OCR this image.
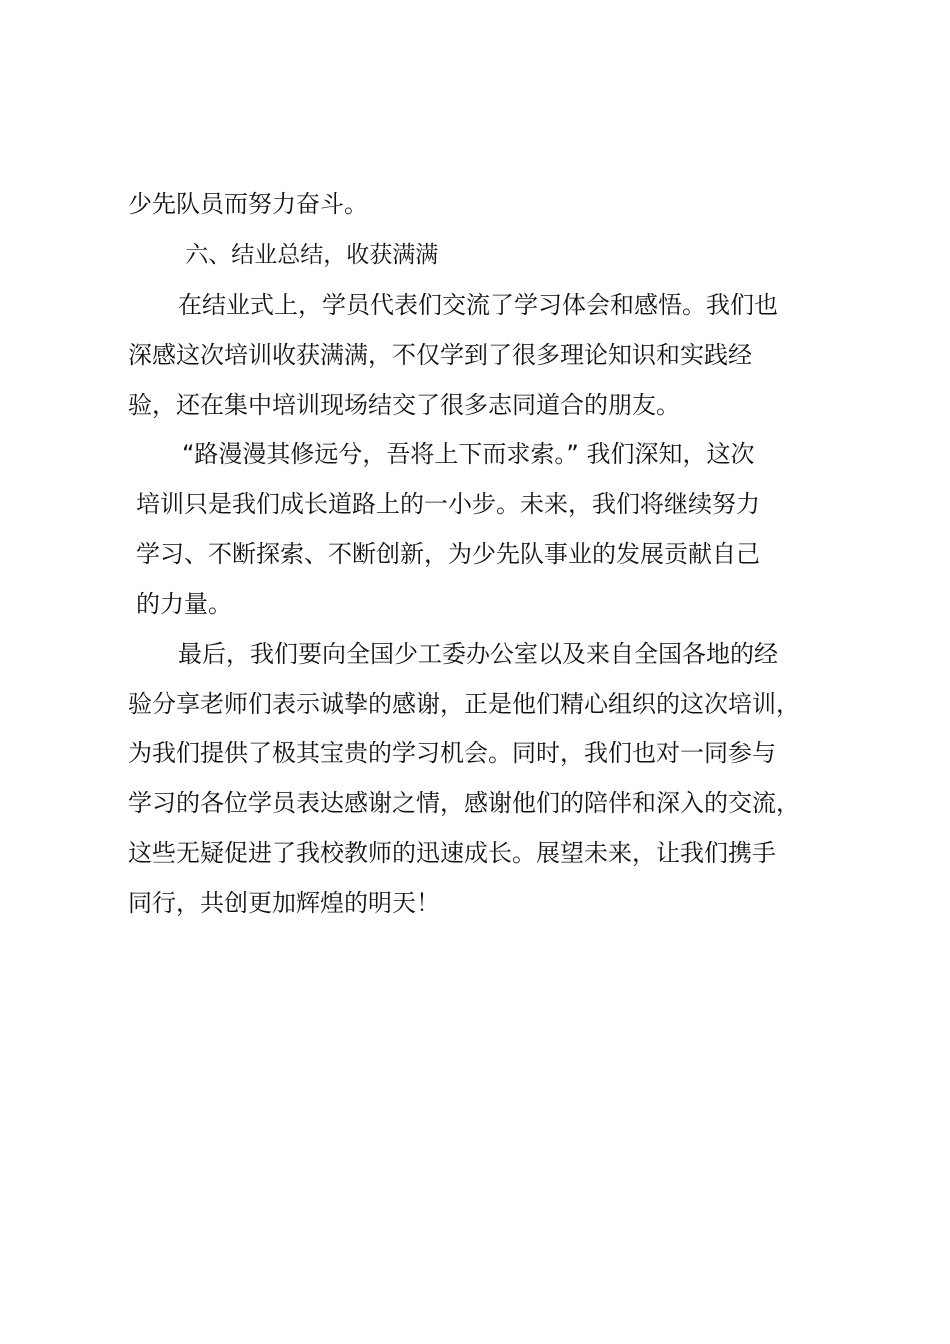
少先队员而努力奋斗。

六、结业总结，收获满满

在结业式上，学员代表们交流了学习体会和感悟。我们也

深感这次培训收获满满，不仅学到了很多理论知识和实践经

验，还在集中培训现场结交了很多志同道合的朋友。

“路漫漫其修远兮，吾将上下而求索。” 我们深知，这次

培训只是我们成长道路上的一小步。未来，我们将继续努力

学习、不断探索、不断创新，为少先队事业的发展贡献自己

的力量。

最后，我们要向全国少工委办公室以及来自全国各地的经

验分享老师们表示诚挚的感谢，正是他们精心组织的这次培训，

为我们提供了极其宝贵的学习机会。同时，我们也对一同参与

学习的各位学员表达感谢之情，感谢他们的陪伴和深入的交流，

这些无疑促进了我校教师的迅速成长。展望未来，让我们携手

同行，共创更加辉煌的明天！
